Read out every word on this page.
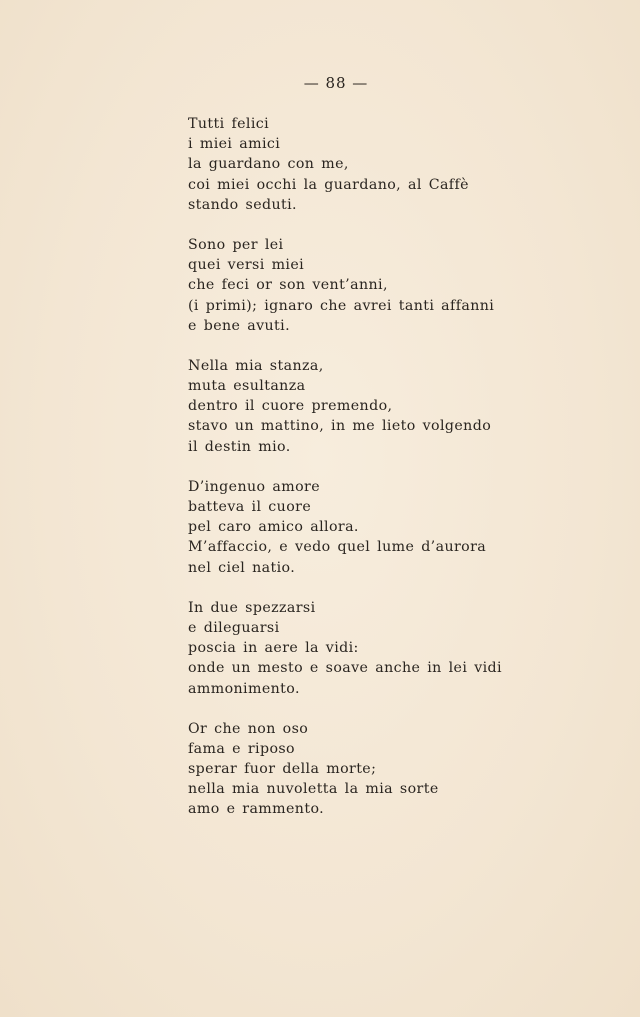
— 88 —
Tutti felici
i miei amici
la guardano con me,
coi miei occhi la guardano, al Caffè
stando seduti.
Sono per lei
quei versi miei
che feci or son vent’anni,
(i primi); ignaro che avrei tanti affanni
e bene avuti.
Nella mia stanza,
muta esultanza
dentro il cuore premendo,
stavo un mattino, in me lieto volgendo
il destin mio.
D’ingenuo amore
batteva il cuore
pel caro amico allora.
M’affaccio, e vedo quel lume d’aurora
nel ciel natio.
In due spezzarsi
e dileguarsi
poscia in aere la vidi:
onde un mesto e soave anche in lei vidi
ammonimento.
Or che non oso
fama e riposo
sperar fuor della morte;
nella mia nuvoletta la mia sorte
amo e rammento.
